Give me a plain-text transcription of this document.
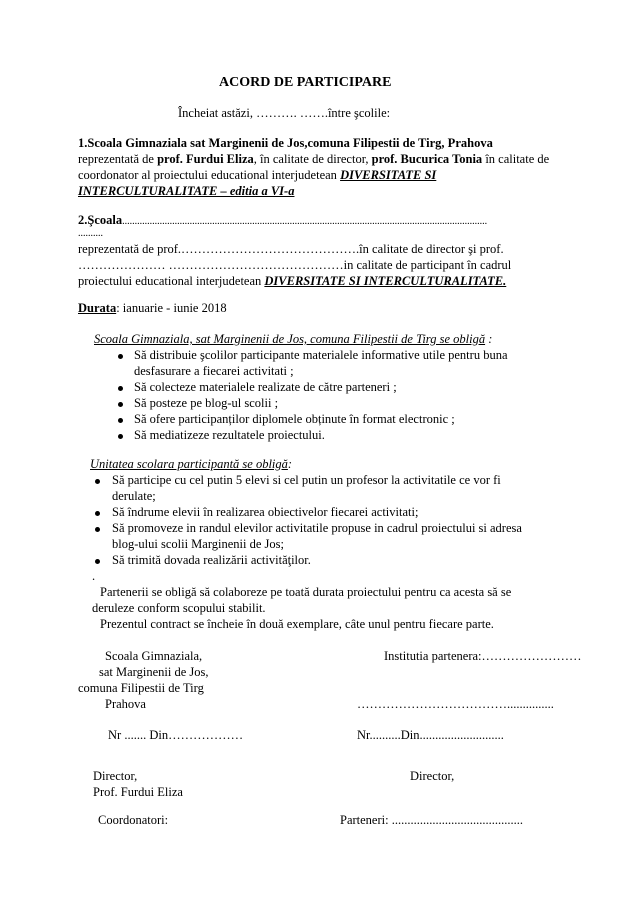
ACORD DE PARTICIPARE
Încheiat astăzi, ………. …….între şcolile:
1.Scoala Gimnaziala sat Marginenii de Jos,comuna Filipestii de Tirg, Prahova
reprezentată de prof. Furdui Eliza, în calitate de director, prof. Bucurica Tonia în calitate de
coordonator al proiectului educational interjudetean DIVERSITATE SI
INTERCULTURALITATE – editia a VI-a
2.Şcoala..................................................................................................................................................
..........
reprezentată de prof.…………………………………….în calitate de director şi prof.
………………… ……………………………………in calitate de participant în cadrul
proiectului educational interjudetean DIVERSITATE SI INTERCULTURALITATE.
Durata: ianuarie - iunie 2018
Scoala Gimnaziala, sat Marginenii de Jos, comuna Filipestii de Tirg se obligă :
Să distribuie şcolilor participante materialele informative utile pentru buna
desfasurare a fiecarei activitati ;
Să colecteze materialele realizate de către parteneri ;
Să posteze pe blog-ul scolii ;
Să ofere participanților diplomele obținute în format electronic ;
Să mediatizeze rezultatele proiectului.
Unitatea scolara participantă se obligă:
Să participe cu cel putin 5 elevi si cel putin un profesor la activitatile ce vor fi
derulate;
Să îndrume elevii în realizarea obiectivelor fiecarei activitati;
Să promoveze in randul elevilor activitatile propuse in cadrul proiectului si adresa
blog-ului scolii Marginenii de Jos;
Să trimită dovada realizării activităţilor.
.
Partenerii se obligă să colaboreze pe toată durata proiectului pentru ca acesta să se
deruleze conform scopului stabilit.
Prezentul contract se încheie în două exemplare, câte unul pentru fiecare parte.
Scoala Gimnaziala,
sat Marginenii de Jos,
comuna Filipestii de Tirg
Prahova
Institutia partenera:……………………
………………………………...............
Nr ....... Din………………	Nr..........Din...........................
Director,
Prof. Furdui Eliza
Director,
Coordonatori:	Parteneri: ..........................................
